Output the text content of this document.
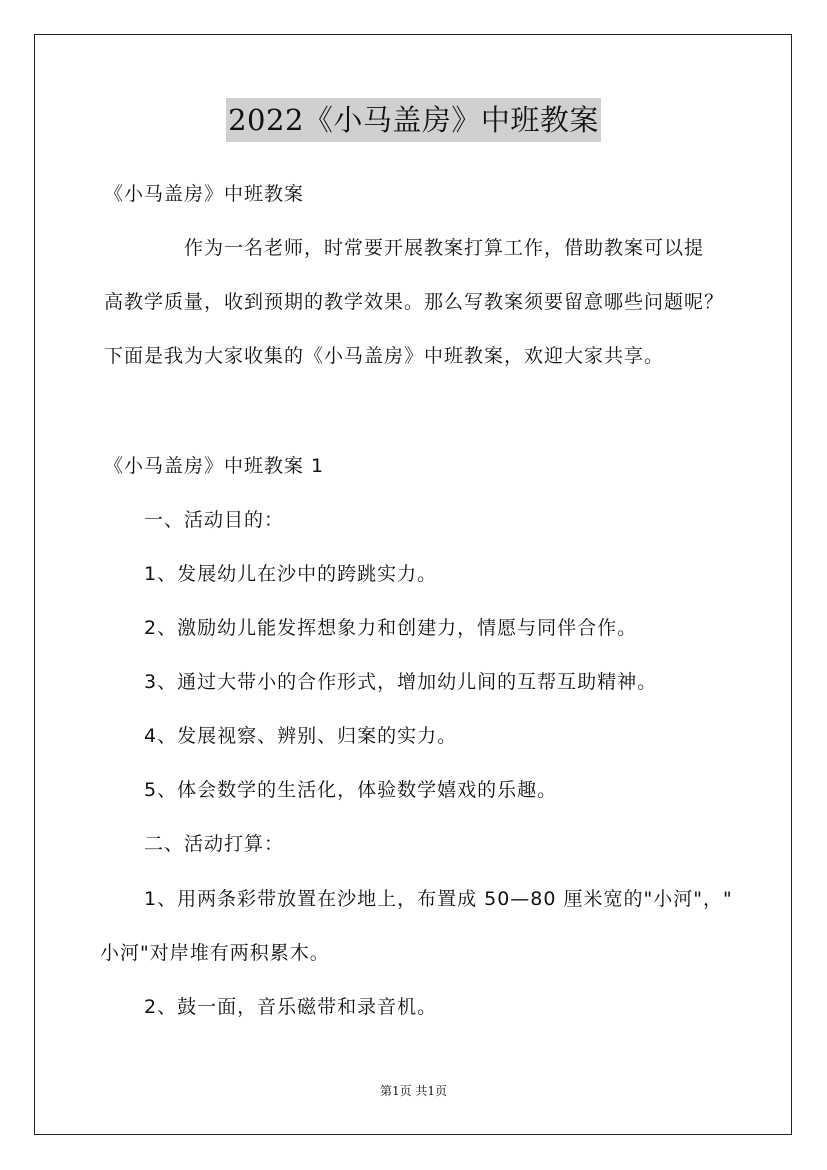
2022《小马盖房》中班教案
《小马盖房》中班教案
作为一名老师，时常要开展教案打算工作，借助教案可以提
高教学质量，收到预期的教学效果。那么写教案须要留意哪些问题呢？
下面是我为大家收集的《小马盖房》中班教案，欢迎大家共享。
《小马盖房》中班教案 1
一、活动目的：
1、发展幼儿在沙中的跨跳实力。
2、激励幼儿能发挥想象力和创建力，情愿与同伴合作。
3、通过大带小的合作形式，增加幼儿间的互帮互助精神。
4、发展视察、辨别、归案的实力。
5、体会数学的生活化，体验数学嬉戏的乐趣。
二、活动打算：
1、用两条彩带放置在沙地上，布置成 50—80 厘米宽的"小河"，"
小河"对岸堆有两积累木。
2、鼓一面，音乐磁带和录音机。
第1页 共1页
